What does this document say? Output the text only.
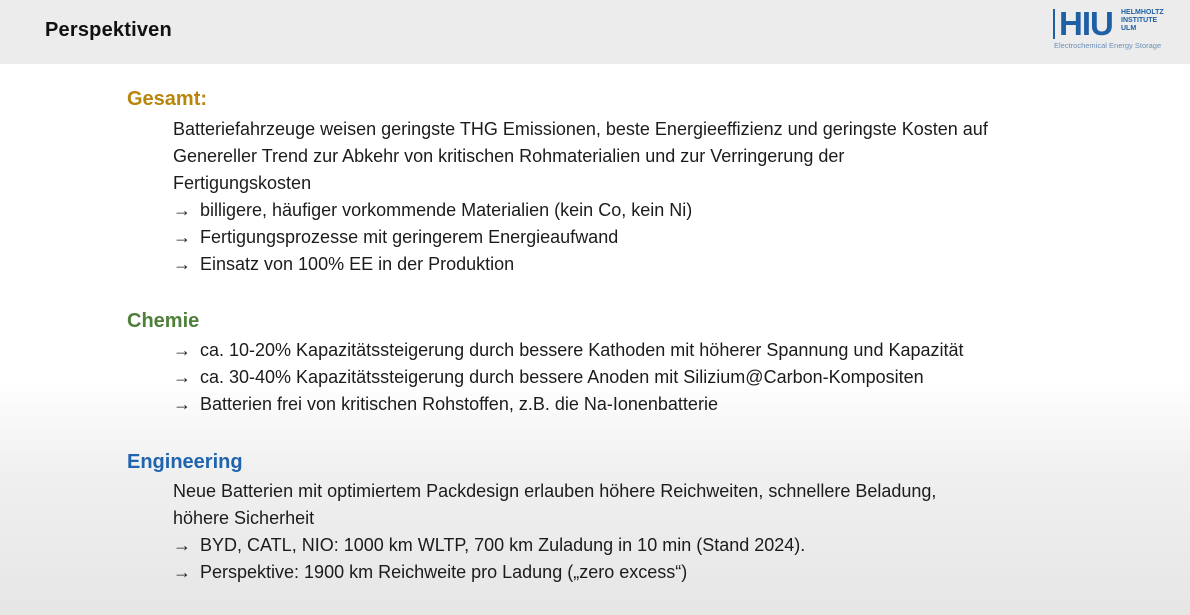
Perspektiven	HIU HELMHOLTZ INSTITUTE ULM
Electrochemical Energy Storage
Gesamt:
Batteriefahrzeuge weisen geringste THG Emissionen, beste Energieeffizienz und geringste Kosten auf
Genereller Trend zur Abkehr von kritischen Rohmaterialien und zur Verringerung der
Fertigungskosten
→ billigere, häufiger vorkommende Materialien (kein Co, kein Ni)
→ Fertigungsprozesse mit geringerem Energieaufwand
→ Einsatz von 100% EE in der Produktion
Chemie
→ ca. 10-20% Kapazitätssteigerung durch bessere Kathoden mit höherer Spannung und Kapazität
→ ca. 30-40% Kapazitätssteigerung durch bessere Anoden mit Silizium@Carbon-Kompositen
→ Batterien frei von kritischen Rohstoffen, z.B. die Na-Ionenbatterie
Engineering
Neue Batterien mit optimiertem Packdesign erlauben höhere Reichweiten, schnellere Beladung,
höhere Sicherheit
→ BYD, CATL, NIO: 1000 km WLTP, 700 km Zuladung in 10 min (Stand 2024).
→ Perspektive: 1900 km Reichweite pro Ladung („zero excess“)
